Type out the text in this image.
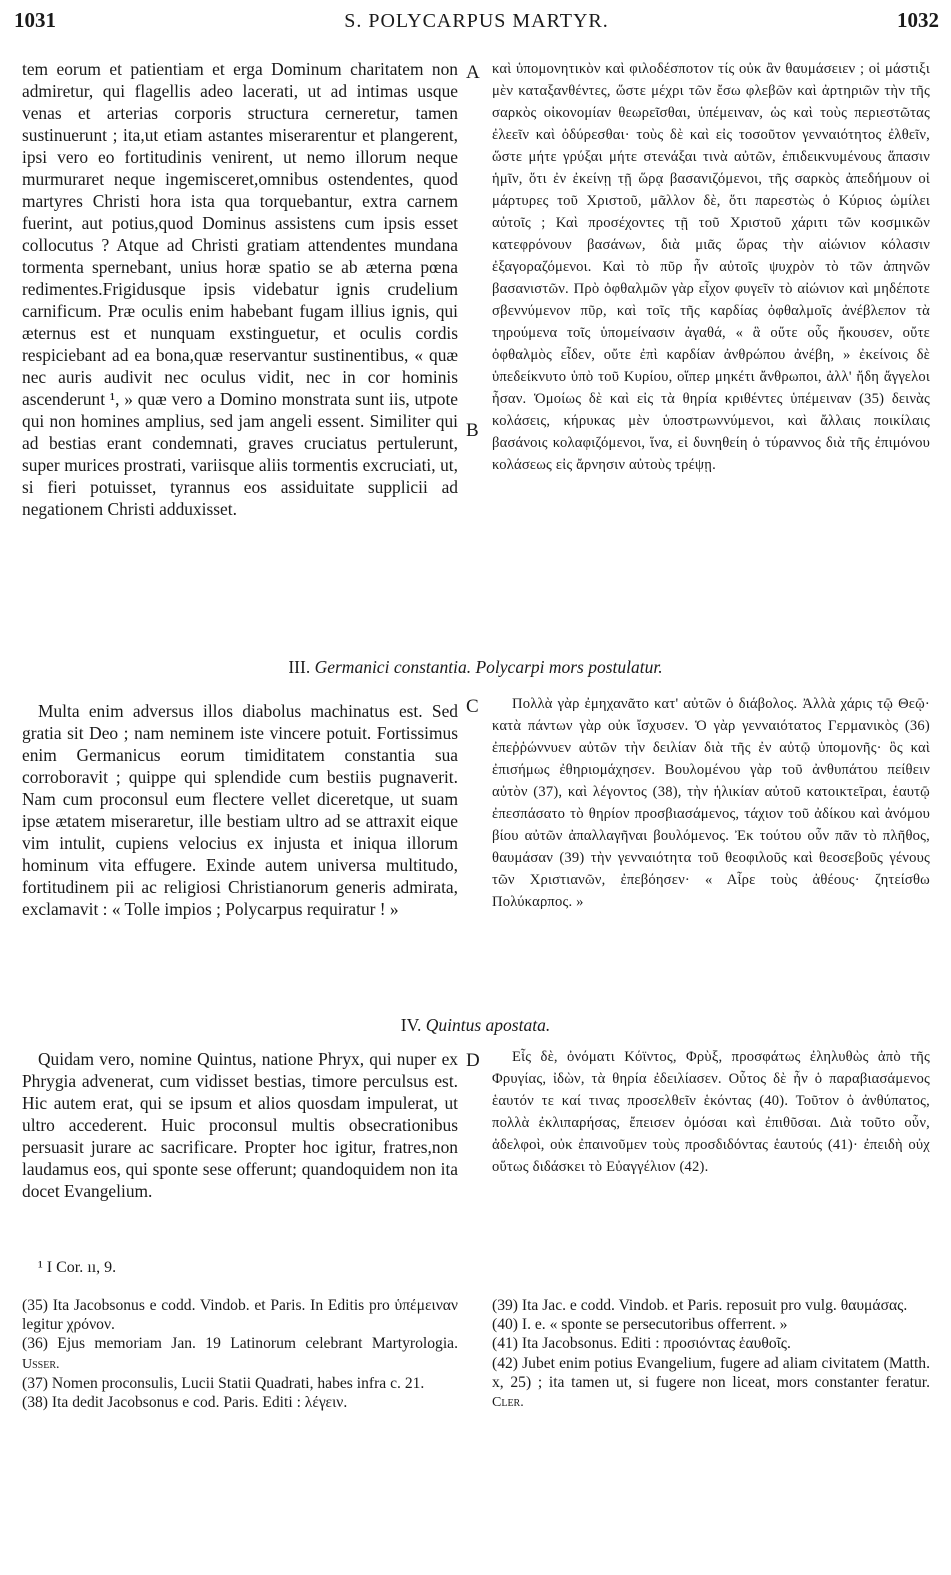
1031	S. POLYCARPUS MARTYR.	1032

tem eorum et patientiam et erga Dominum charitatem non admiretur, qui flagellis adeo lacerati, ut ad intimas usque venas et arterias corporis structura cerneretur, tamen sustinuerunt ; ita,ut etiam astantes miserarentur et plangerent, ipsi vero eo fortitudinis venirent, ut nemo illorum neque murmuraret neque ingemisceret,omnibus ostendentes, quod martyres Christi hora ista qua torquebantur, extra carnem fuerint, aut potius,quod Dominus assistens cum ipsis esset collocutus ? Atque ad Christi gratiam attendentes mundana tormenta spernebant, unius horæ spatio se ab æterna pœna redimentes.Frigidusque ipsis videbatur ignis crudelium carnificum. Præ oculis enim habebant fugam illius ignis, qui æternus est et nunquam exstinguetur, et oculis cordis respiciebant ad ea bona,quæ reservantur sustinentibus, « quæ nec auris audivit nec oculus vidit, nec in cor hominis ascenderunt ¹, » quæ vero a Domino monstrata sunt iis, utpote qui non homines amplius, sed jam angeli essent. Similiter qui ad bestias erant condemnati, graves cruciatus pertulerunt, super murices prostrati, variisque aliis tormentis excruciati, ut, si fieri potuisset, tyrannus eos assiduitate supplicii ad negationem Christi adduxisset.

A
B

καὶ ὑπομονητικὸν καὶ φιλοδέσποτον τίς οὐκ ἂν θαυμάσειεν ; οἱ μάστιξι μὲν καταξανθέντες, ὥστε μέχρι τῶν ἔσω φλεβῶν καὶ ἀρτηριῶν τὴν τῆς σαρκὸς οἰκονομίαν θεωρεῖσθαι, ὑπέμειναν, ὡς καὶ τοὺς περιεστῶτας ἐλεεῖν καὶ ὀδύρεσθαι· τοὺς δὲ καὶ εἰς τοσοῦτον γενναιότητος ἐλθεῖν, ὥστε μήτε γρύξαι μήτε στενάξαι τινὰ αὐτῶν, ἐπιδεικνυμένους ἅπασιν ἡμῖν, ὅτι ἐν ἐκείνῃ τῇ ὥρᾳ βασανιζόμενοι, τῆς σαρκὸς ἀπεδήμουν οἱ μάρτυρες τοῦ Χριστοῦ, μᾶλλον δὲ, ὅτι παρεστὼς ὁ Κύριος ὡμίλει αὐτοῖς ; Καὶ προσέχοντες τῇ τοῦ Χριστοῦ χάριτι τῶν κοσμικῶν κατεφρόνουν βασάνων, διὰ μιᾶς ὥρας τὴν αἰώνιον κόλασιν ἐξαγοραζόμενοι. Καὶ τὸ πῦρ ἦν αὐτοῖς ψυχρὸν τὸ τῶν ἀπηνῶν βασανιστῶν. Πρὸ ὀφθαλμῶν γὰρ εἶχον φυγεῖν τὸ αἰώνιον καὶ μηδέποτε σβεννύμενον πῦρ, καὶ τοῖς τῆς καρδίας ὀφθαλμοῖς ἀνέβλεπον τὰ τηρούμενα τοῖς ὑπομείνασιν ἀγαθά, « ἃ οὔτε οὖς ἤκουσεν, οὔτε ὀφθαλμὸς εἶδεν, οὔτε ἐπὶ καρδίαν ἀνθρώπου ἀνέβη, » ἐκείνοις δὲ ὑπεδείκνυτο ὑπὸ τοῦ Κυρίου, οἵπερ μηκέτι ἄνθρωποι, ἀλλ' ἤδη ἄγγελοι ἦσαν. Ὁμοίως δὲ καὶ εἰς τὰ θηρία κριθέντες ὑπέμειναν (35) δεινὰς κολάσεις, κήρυκας μὲν ὑποστρωννύμενοι, καὶ ἄλλαις ποικίλαις βασάνοις κολαφιζόμενοι, ἵνα, εἰ δυνηθείη ὁ τύραννος διὰ τῆς ἐπιμόνου κολάσεως εἰς ἄρνησιν αὐτοὺς τρέψῃ.

III. Germanici constantia. Polycarpi mors postulatur.

Multa enim adversus illos diabolus machinatus est. Sed gratia sit Deo ; nam neminem iste vincere potuit. Fortissimus enim Germanicus eorum timiditatem constantia sua corroboravit ; quippe qui splendide cum bestiis pugnaverit. Nam cum proconsul eum flectere vellet diceretque, ut suam ipse ætatem miseraretur, ille bestiam ultro ad se attraxit eique vim intulit, cupiens velocius ex injusta et iniqua illorum hominum vita effugere. Exinde autem universa multitudo, fortitudinem pii ac religiosi Christianorum generis admirata, exclamavit : « Tolle impios ; Polycarpus requiratur ! »

C	Πολλὰ γὰρ ἐμηχανᾶτο κατ' αὐτῶν ὁ διάβολος. Ἀλλὰ χάρις τῷ Θεῷ· κατὰ πάντων γὰρ οὐκ ἴσχυσεν. Ὁ γὰρ γενναιότατος Γερμανικὸς (36) ἐπεῤῥώννυεν αὐτῶν τὴν δειλίαν διὰ τῆς ἐν αὐτῷ ὑπομονῆς· ὃς καὶ ἐπισήμως ἐθηριομάχησεν. Βουλομένου γὰρ τοῦ ἀνθυπάτου πείθειν αὐτὸν (37), καὶ λέγοντος (38), τὴν ἡλικίαν αὐτοῦ κατοικτεῖραι, ἑαυτῷ ἐπεσπάσατο τὸ θηρίον προσβιασάμενος, τάχιον τοῦ ἀδίκου καὶ ἀνόμου βίου αὐτῶν ἀπαλλαγῆναι βουλόμενος. Ἐκ τούτου οὖν πᾶν τὸ πλῆθος, θαυμάσαν (39) τὴν γενναιότητα τοῦ θεοφιλοῦς καὶ θεοσεβοῦς γένους τῶν Χριστιανῶν, ἐπεβόησεν· « Αἶρε τοὺς ἀθέους· ζητείσθω Πολύκαρπος. »

IV. Quintus apostata.

Quidam vero, nomine Quintus, natione Phryx, qui nuper ex Phrygia advenerat, cum vidisset bestias, timore perculsus est. Hic autem erat, qui se ipsum et alios quosdam impulerat, ut ultro accederent. Huic proconsul multis obsecrationibus persuasit jurare ac sacrificare. Propter hoc igitur, fratres,non laudamus eos, qui sponte sese offerunt; quandoquidem non ita docet Evangelium.

D	Εἷς δὲ, ὀνόματι Κόϊντος, Φρὺξ, προσφάτως ἐληλυθὼς ἀπὸ τῆς Φρυγίας, ἰδὼν, τὰ θηρία ἐδειλίασεν. Οὗτος δὲ ἦν ὁ παραβιασάμενος ἑαυτόν τε καί τινας προσελθεῖν ἑκόντας (40). Τοῦτον ὁ ἀνθύπατος, πολλὰ ἐκλιπαρήσας, ἔπεισεν ὀμόσαι καὶ ἐπιθῦσαι. Διὰ τοῦτο οὖν, ἀδελφοὶ, οὐκ ἐπαινοῦμεν τοὺς προσδιδόντας ἑαυτούς (41)· ἐπειδὴ οὐχ οὕτως διδάσκει τὸ Εὐαγγέλιον (42).

¹ I Cor. ıı, 9.

(35) Ita Jacobsonus e codd. Vindob. et Paris. In Editis pro ὑπέμειναν legitur χρόνον.

(36) Ejus memoriam Jan. 19 Latinorum celebrant Martyrologia. Usser.

(37) Nomen proconsulis, Lucii Statii Quadrati, habes infra c. 21.

(38) Ita dedit Jacobsonus e cod. Paris. Editi : λέγειν.

(39) Ita Jac. e codd. Vindob. et Paris. reposuit pro vulg. θαυμάσας.

(40) I. e. « sponte se persecutoribus offerrent. »

(41) Ita Jacobsonus. Editi : προσιόντας ἑαυθοῖς.

(42) Jubet enim potius Evangelium, fugere ad aliam civitatem (Matth. x, 25) ; ita tamen ut, si fugere non liceat, mors constanter feratur. Cler.
